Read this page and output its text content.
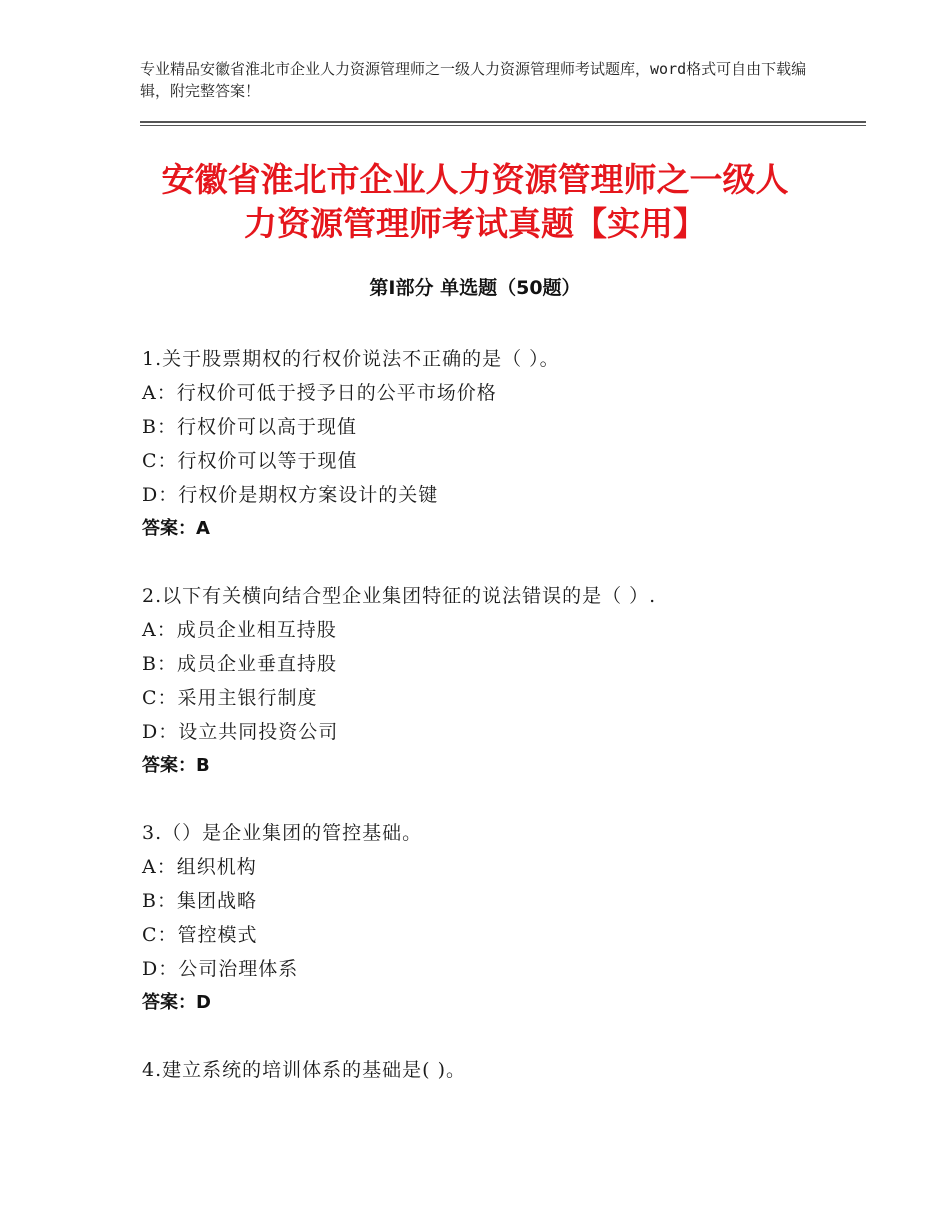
专业精品安徽省淮北市企业人力资源管理师之一级人力资源管理师考试题库，word格式可自由下载编辑，附完整答案！
安徽省淮北市企业人力资源管理师之一级人
力资源管理师考试真题【实用】
第Ⅰ部分 单选题（50题）
1.关于股票期权的行权价说法不正确的是（ ）。
A：行权价可低于授予日的公平市场价格
B：行权价可以高于现值
C：行权价可以等于现值
D：行权价是期权方案设计的关键
答案：A
2.以下有关横向结合型企业集团特征的说法错误的是（ ）.
A：成员企业相互持股
B：成员企业垂直持股
C：采用主银行制度
D：设立共同投资公司
答案：B
3.（）是企业集团的管控基础。
A：组织机构
B：集团战略
C：管控模式
D：公司治理体系
答案：D
4.建立系统的培训体系的基础是( )。
